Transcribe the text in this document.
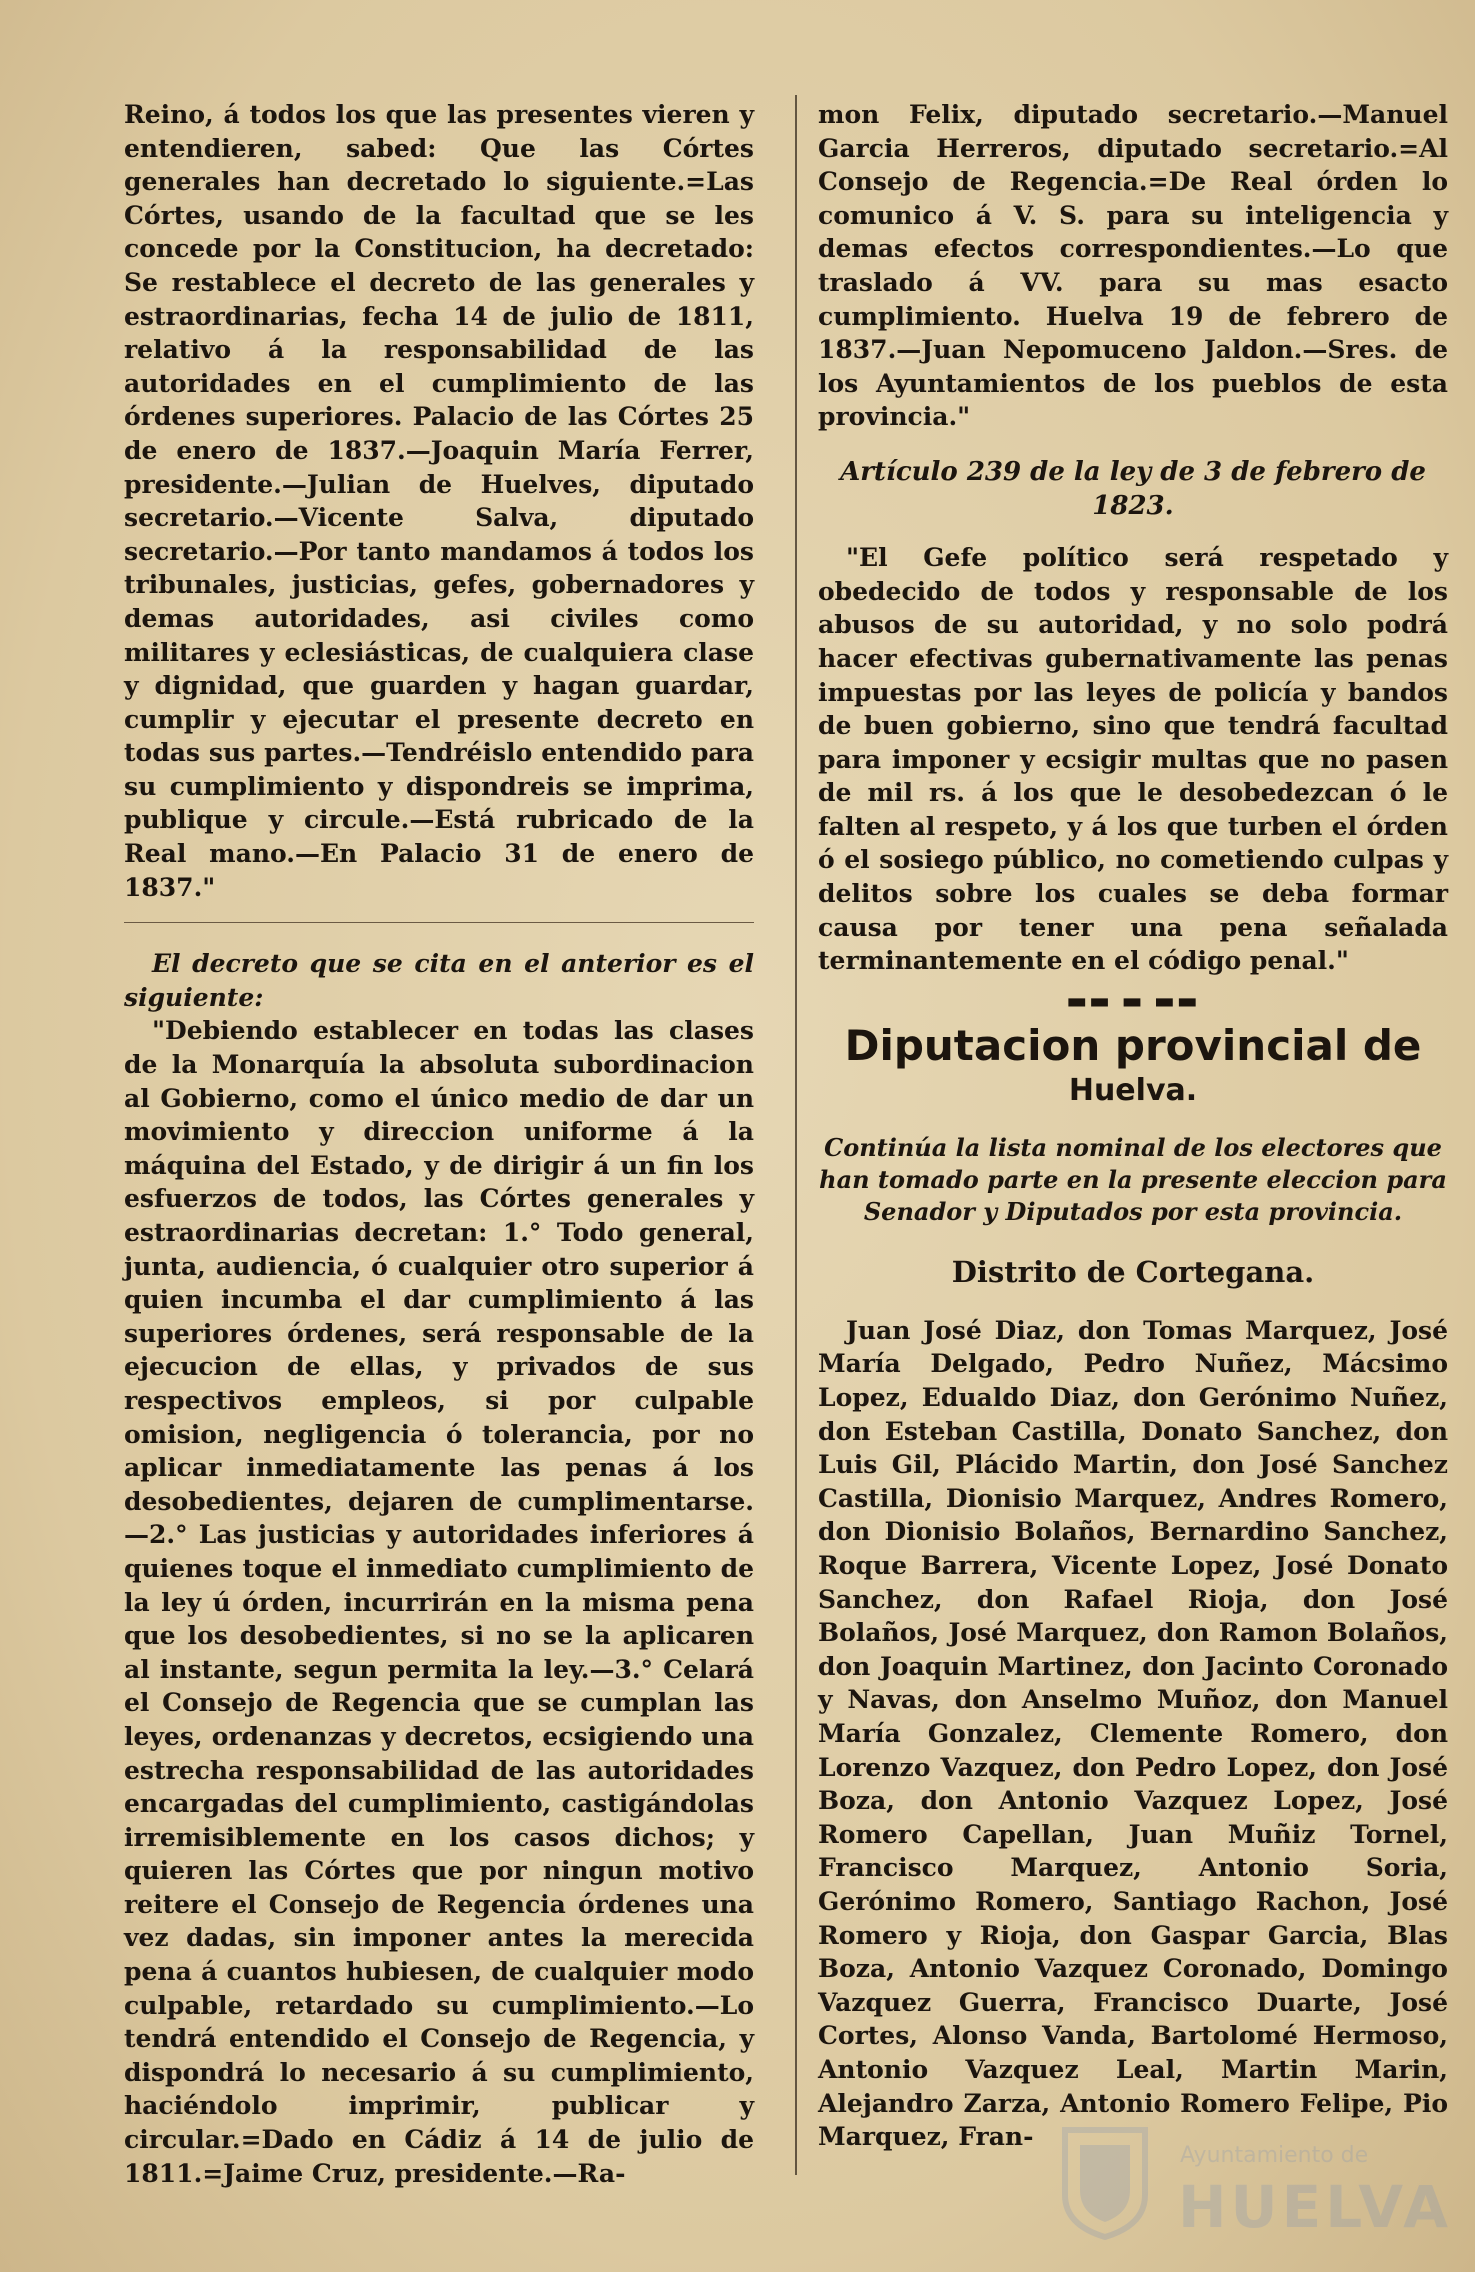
Reino, á todos los que las presentes vieren y entendieren, sabed: Que las Córtes generales han decretado lo siguiente.=Las Córtes, usando de la facultad que se les concede por la Constitucion, ha decretado: Se restablece el decreto de las generales y estraordinarias, fecha 14 de julio de 1811, relativo á la responsabilidad de las autoridades en el cumplimiento de las órdenes superiores. Palacio de las Córtes 25 de enero de 1837.—Joaquin María Ferrer, presidente.—Julian de Huelves, diputado secretario.—Vicente Salva, diputado secretario.—Por tanto mandamos á todos los tribunales, justicias, gefes, gobernadores y demas autoridades, asi civiles como militares y eclesiásticas, de cualquiera clase y dignidad, que guarden y hagan guardar, cumplir y ejecutar el presente decreto en todas sus partes.—Tendréislo entendido para su cumplimiento y dispondreis se imprima, publique y circule.—Está rubricado de la Real mano.—En Palacio 31 de enero de 1837."

El decreto que se cita en el anterior es el siguiente:

"Debiendo establecer en todas las clases de la Monarquía la absoluta subordinacion al Gobierno, como el único medio de dar un movimiento y direccion uniforme á la máquina del Estado, y de dirigir á un fin los esfuerzos de todos, las Córtes generales y estraordinarias decretan: 1.° Todo general, junta, audiencia, ó cualquier otro superior á quien incumba el dar cumplimiento á las superiores órdenes, será responsable de la ejecucion de ellas, y privados de sus respectivos empleos, si por culpable omision, negligencia ó tolerancia, por no aplicar inmediatamente las penas á los desobedientes, dejaren de cumplimentarse.—2.° Las justicias y autoridades inferiores á quienes toque el inmediato cumplimiento de la ley ú órden, incurrirán en la misma pena que los desobedientes, si no se la aplicaren al instante, segun permita la ley.—3.° Celará el Consejo de Regencia que se cumplan las leyes, ordenanzas y decretos, ecsigiendo una estrecha responsabilidad de las autoridades encargadas del cumplimiento, castigándolas irremisiblemente en los casos dichos; y quieren las Córtes que por ningun motivo reitere el Consejo de Regencia órdenes una vez dadas, sin imponer antes la merecida pena á cuantos hubiesen, de cualquier modo culpable, retardado su cumplimiento.—Lo tendrá entendido el Consejo de Regencia, y dispondrá lo necesario á su cumplimiento, haciéndolo imprimir, publicar y circular.=Dado en Cádiz á 14 de julio de 1811.=Jaime Cruz, presidente.—Ra-

mon Felix, diputado secretario.—Manuel Garcia Herreros, diputado secretario.=Al Consejo de Regencia.=De Real órden lo comunico á V. S. para su inteligencia y demas efectos correspondientes.—Lo que traslado á VV. para su mas esacto cumplimiento. Huelva 19 de febrero de 1837.—Juan Nepomuceno Jaldon.—Sres. de los Ayuntamientos de los pueblos de esta provincia."

Artículo 239 de la ley de 3 de febrero de 1823.

"El Gefe político será respetado y obedecido de todos y responsable de los abusos de su autoridad, y no solo podrá hacer efectivas gubernativamente las penas impuestas por las leyes de policía y bandos de buen gobierno, sino que tendrá facultad para imponer y ecsigir multas que no pasen de mil rs. á los que le desobedezcan ó le falten al respeto, y á los que turben el órden ó el sosiego público, no cometiendo culpas y delitos sobre los cuales se deba formar causa por tener una pena señalada terminantemente en el código penal."

▬▬ ▬ ▬▬
Diputacion provincial de
Huelva.

Continúa la lista nominal de los electores que han tomado parte en la presente eleccion para Senador y Diputados por esta provincia.

Distrito de Cortegana.

Juan José Diaz, don Tomas Marquez, José María Delgado, Pedro Nuñez, Mácsimo Lopez, Edualdo Diaz, don Gerónimo Nuñez, don Esteban Castilla, Donato Sanchez, don Luis Gil, Plácido Martin, don José Sanchez Castilla, Dionisio Marquez, Andres Romero, don Dionisio Bolaños, Bernardino Sanchez, Roque Barrera, Vicente Lopez, José Donato Sanchez, don Rafael Rioja, don José Bolaños, José Marquez, don Ramon Bolaños, don Joaquin Martinez, don Jacinto Coronado y Navas, don Anselmo Muñoz, don Manuel María Gonzalez, Clemente Romero, don Lorenzo Vazquez, don Pedro Lopez, don José Boza, don Antonio Vazquez Lopez, José Romero Capellan, Juan Muñiz Tornel, Francisco Marquez, Antonio Soria, Gerónimo Romero, Santiago Rachon, José Romero y Rioja, don Gaspar Garcia, Blas Boza, Antonio Vazquez Coronado, Domingo Vazquez Guerra, Francisco Duarte, José Cortes, Alonso Vanda, Bartolomé Hermoso, Antonio Vazquez Leal, Martin Marin, Alejandro Zarza, Antonio Romero Felipe, Pio Marquez, Fran-

Ayuntamiento de
HUELVA
